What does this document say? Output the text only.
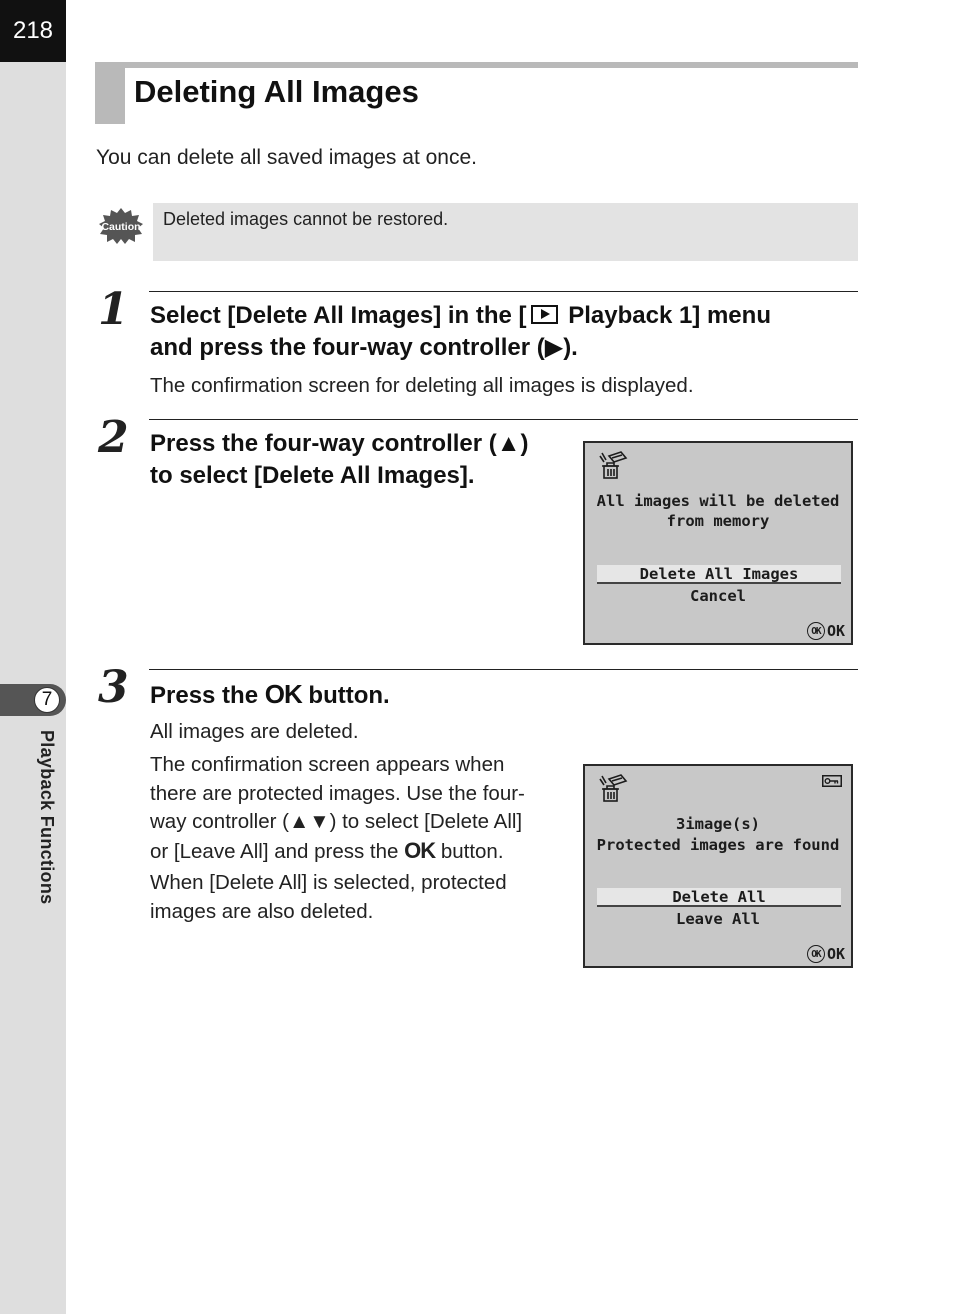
218
7
Playback Functions
Deleting All Images
You can delete all saved images at once.
Caution Deleted images cannot be restored.
1 Select [Delete All Images] in the [ Playback 1] menu
and press the four-way controller (▶).
The confirmation screen for deleting all images is displayed.
2 Press the four-way controller (▲)
to select [Delete All Images].
All images will be deleted
from memory
Delete All Images
Cancel
OK OK
3 Press the OK button.
All images are deleted.
The confirmation screen appears when
there are protected images. Use the four-
way controller (▲▼) to select [Delete All]
or [Leave All] and press the OK button.
When [Delete All] is selected, protected
images are also deleted.
3image(s)
Protected images are found
Delete All
Leave All
OK OK
